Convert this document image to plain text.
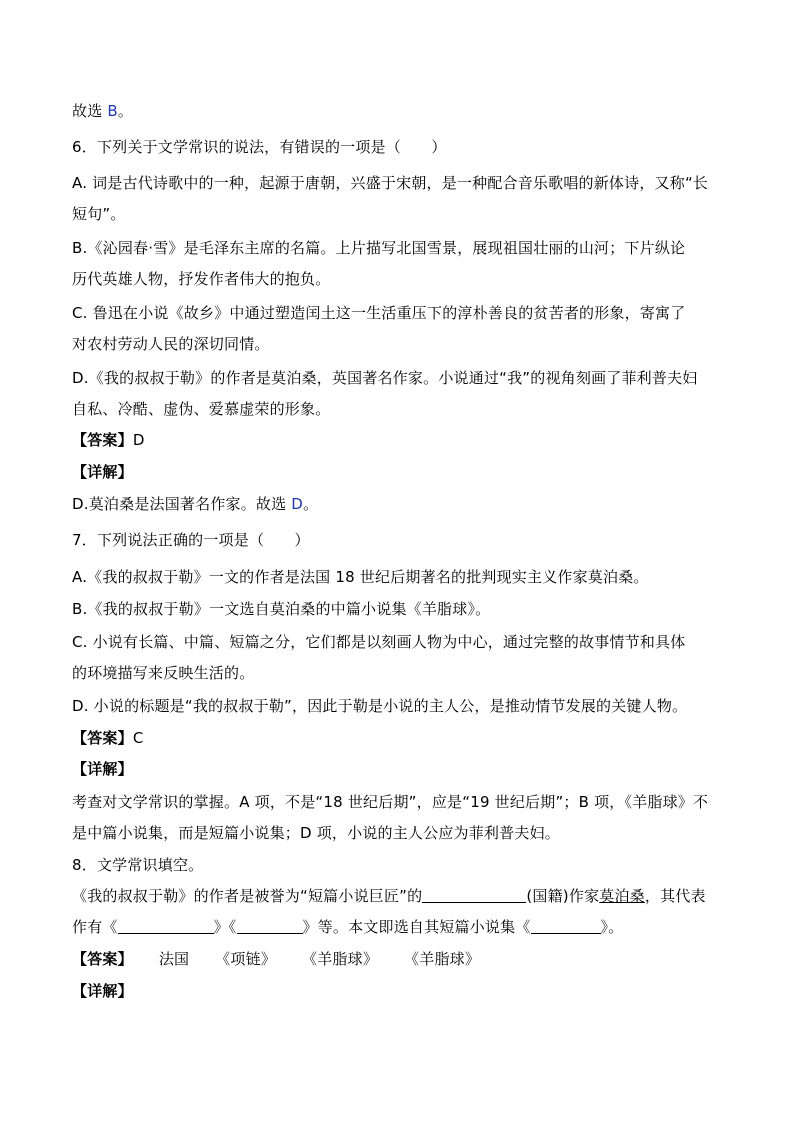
故选 B。
6．下列关于文学常识的说法，有错误的一项是（　　）
A. 词是古代诗歌中的一种，起源于唐朝，兴盛于宋朝，是一种配合音乐歌唱的新体诗，又称“长
短句”。
B.《沁园春·雪》是毛泽东主席的名篇。上片描写北国雪景，展现祖国壮丽的山河；下片纵论
历代英雄人物，抒发作者伟大的抱负。
C. 鲁迅在小说《故乡》中通过塑造闰土这一生活重压下的淳朴善良的贫苦者的形象，寄寓了
对农村劳动人民的深切同情。
D.《我的叔叔于勒》的作者是莫泊桑，英国著名作家。小说通过“我”的视角刻画了菲利普夫妇
自私、冷酷、虚伪、爱慕虚荣的形象。
【答案】D
【详解】
D.莫泊桑是法国著名作家。故选 D。
7．下列说法正确的一项是（　　）
A.《我的叔叔于勒》一文的作者是法国 18 世纪后期著名的批判现实主义作家莫泊桑。
B.《我的叔叔于勒》一文选自莫泊桑的中篇小说集《羊脂球》。
C. 小说有长篇、中篇、短篇之分，它们都是以刻画人物为中心，通过完整的故事情节和具体
的环境描写来反映生活的。
D. 小说的标题是“我的叔叔于勒”，因此于勒是小说的主人公，是推动情节发展的关键人物。
【答案】C
【详解】
考查对文学常识的掌握。A 项，不是“18 世纪后期”，应是“19 世纪后期”；B 项，《羊脂球》不
是中篇小说集，而是短篇小说集；D 项，小说的主人公应为菲利普夫妇。
8．文学常识填空。
《我的叔叔于勒》的作者是被誉为“短篇小说巨匠”的	(国籍)作家莫泊桑，其代表
作有《	》《	》等。本文即选自其短篇小说集《	》。
【答案】 法国 《项链》 《羊脂球》 《羊脂球》
【详解】
